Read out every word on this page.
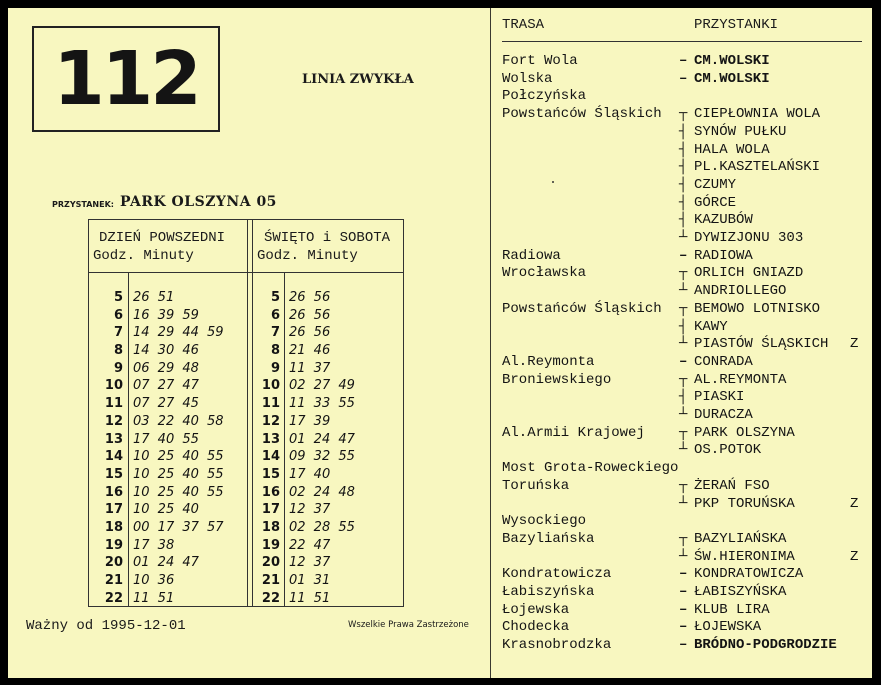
112	LINIA ZWYKŁA
PRZYSTANEK: PARK OLSZYNA 05
DZIEŃ POWSZEDNI
Godz. Minuty
ŚWIĘTO i SOBOTA
Godz. Minuty
5 26 51	5 26 56
6 16 39 59	6 26 56
7 14 29 44 59	7 26 56
8 14 30 46	8 21 46
9 06 29 48	9 11 37
10 07 27 47	10 02 27 49
11 07 27 45	11 11 33 55
12 03 22 40 58	12 17 39
13 17 40 55	13 01 24 47
14 10 25 40 55	14 09 32 55
15 10 25 40 55	15 17 40
16 10 25 40 55	16 02 24 48
17 10 25 40	17 12 37
18 00 17 37 57	18 02 28 55
19 17 38	19 22 47
20 01 24 47	20 12 37
21 10 36	21 01 31
22 11 51	22 11 51
Ważny od 1995-12-01	Wszelkie Prawa Zastrzeżone
TRASA	PRZYSTANKI
Fort Wola	– CM.WOLSKI
Wolska	– CM.WOLSKI
Połczyńska
Powstańców Śląskich ┬ CIEPŁOWNIA WOLA
┤ SYNÓW PUŁKU
┤ HALA WOLA
┤ PL.KASZTELAŃSKI
┤ CZUMY
┤ GÓRCE
┤ KAZUBÓW
┴ DYWIZJONU 303
Radiowa	– RADIOWA
Wrocławska	┬ ORLICH GNIAZD
┴ ANDRIOLLEGO
Powstańców Śląskich ┬ BEMOWO LOTNISKO
┤ KAWY
┴ PIASTÓW ŚLĄSKICH Z
Al.Reymonta	– CONRADA
Broniewskiego	┬ AL.REYMONTA
┤ PIASKI
┴ DURACZA
Al.Armii Krajowej ┬ PARK OLSZYNA
┴ OS.POTOK
Most Grota-Roweckiego
Toruńska	┬ ŻERAŃ FSO
┴ PKP TORUŃSKA	Z
Wysockiego
Bazyliańska	┬ BAZYLIAŃSKA
┴ ŚW.HIERONIMA	Z
Kondratowicza	– KONDRATOWICZA
Łabiszyńska	– ŁABISZYŃSKA
Łojewska	– KLUB LIRA
Chodecka	– ŁOJEWSKA
Krasnobrodzka	– BRÓDNO-PODGRODZIE
